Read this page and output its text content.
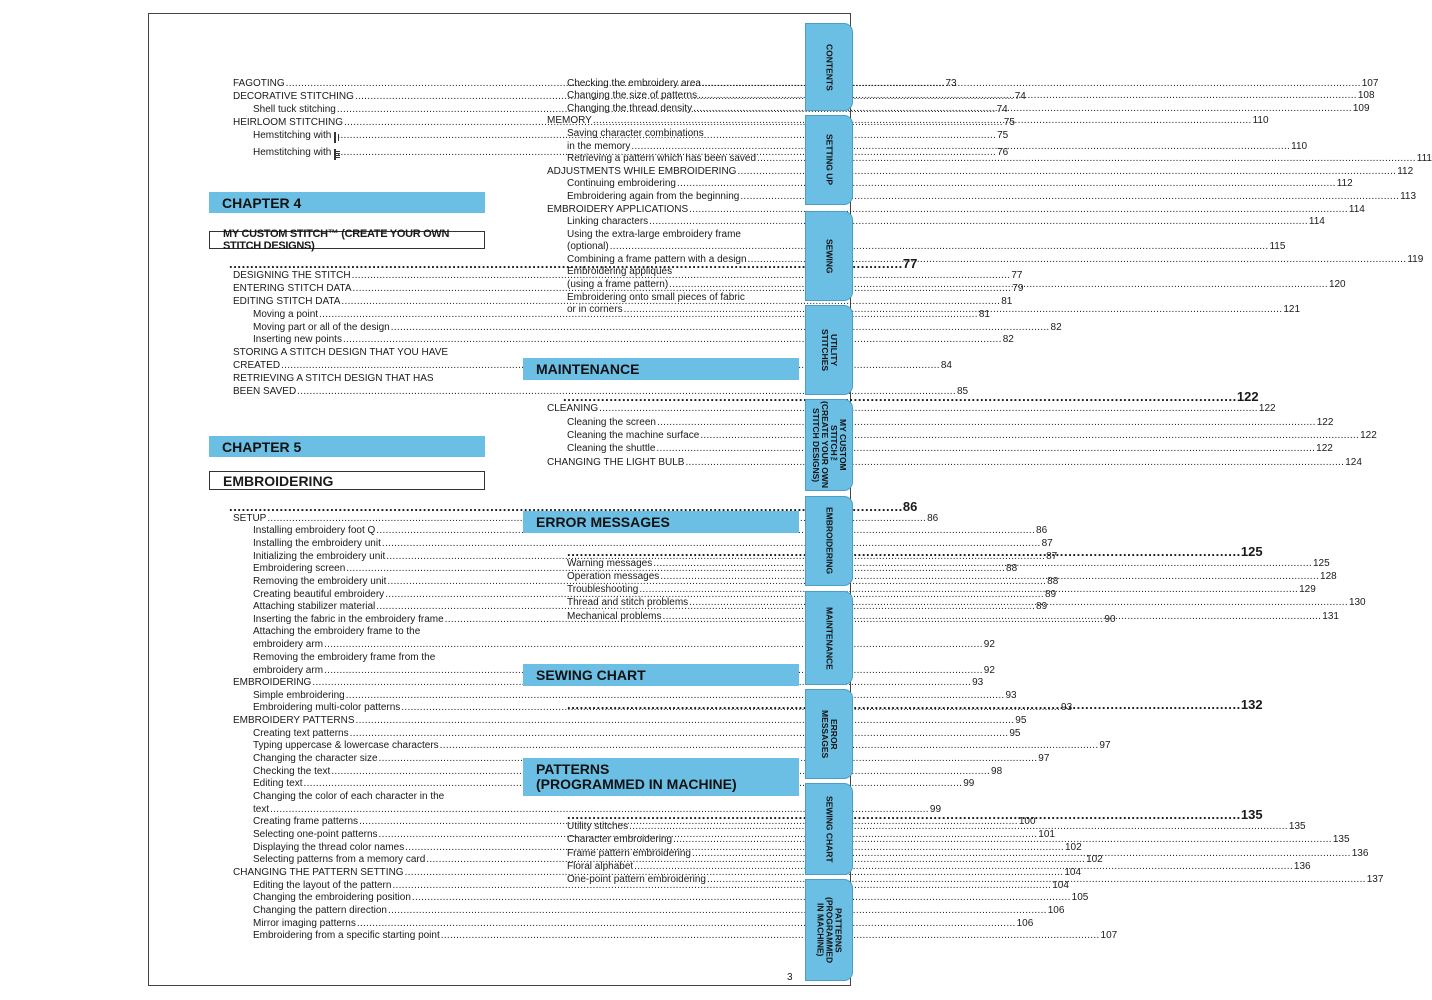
FAGOTING .....	73
DECORATIVE STITCHING .....	74
Shell tuck stitching .....	74
HEIRLOOM STITCHING .....	75
Hemstitching with .....	75
Hemstitching with .....	76
CHAPTER 4
MY CUSTOM STITCH™ (CREATE YOUR OWN STITCH DESIGNS)
.....
77
DESIGNING THE STITCH .....	77
ENTERING STITCH DATA .....	79
EDITING STITCH DATA .....	81
Moving a point .....	81
Moving part or all of the design .....	82
Inserting new points .....	82
STORING A STITCH DESIGN THAT YOU HAVE
CREATED .....	84
RETRIEVING A STITCH DESIGN THAT HAS
BEEN SAVED .....	85
CHAPTER 5
EMBROIDERING
.....
86
SETUP .....	86
Installing embroidery foot Q .....	86
Installing the embroidery unit .....	87
Initializing the embroidery unit .....	87
Embroidering screen .....	88
Removing the embroidery unit .....	88
Creating beautiful embroidery .....	89
Attaching stabilizer material .....	89
Inserting the fabric in the embroidery frame .....	90
Attaching the embroidery frame to the
embroidery arm .....	92
Removing the embroidery frame from the
embroidery arm .....	92
EMBROIDERING .....	93
Simple embroidering .....	93
Embroidering multi-color patterns .....	93
EMBROIDERY PATTERNS .....	95
Creating text patterns .....	95
Typing uppercase & lowercase characters .....	97
Changing the character size .....	97
Checking the text .....	98
Editing text .....	99
Changing the color of each character in the
text .....	99
Creating frame patterns .....	100
Selecting one-point patterns .....	101
Displaying the thread color names .....	102
Selecting patterns from a memory card .....	102
CHANGING THE PATTERN SETTING .....	104
Editing the layout of the pattern .....	104
Changing the embroidering position .....	105
Changing the pattern direction .....	106
Mirror imaging patterns .....	106
Embroidering from a specific starting point .....	107
Checking the embroidery area .....	107
Changing the size of patterns .....	108
Changing the thread density .....	109
MEMORY .....	110
Saving character combinations
in the memory .....	110
Retrieving a pattern which has been saved .....	111
ADJUSTMENTS WHILE EMBROIDERING .....	112
Continuing embroidering .....	112
Embroidering again from the beginning .....	113
EMBROIDERY APPLICATIONS .....	114
Linking characters .....	114
Using the extra-large embroidery frame
(optional) .....	115
Combining a frame pattern with a design .....	119
Embroidering appliqués
(using a frame pattern) .....	120
Embroidering onto small pieces of fabric
or in corners .....	121
MAINTENANCE
.....
122
CLEANING .....	122
Cleaning the screen .....	122
Cleaning the machine surface .....	122
Cleaning the shuttle .....	122
CHANGING THE LIGHT BULB .....	124
ERROR MESSAGES
.....
125
Warning messages .....	125
Operation messages .....	128
Troubleshooting .....	129
Thread and stitch problems .....	130
Mechanical problems .....	131
SEWING CHART
.....
132
PATTERNS
(PROGRAMMED IN MACHINE)
.....
135
Utility stitches .....	135
Character embroidering .....	135
Frame pattern embroidering .....	136
Floral alphabet .....	136
One-point pattern embroidering .....	137
CONTENTS
SETTING UP
SEWING
UTILITY
STITCHES
MY CUSTOM
STITCH™
(CREATE YOUR OWN
STITCH DESIGNS)
EMBROIDERING
MAINTENANCE
ERROR
MESSAGES
SEWING CHART
PATTERNS
(PROGRAMMED
IN MACHINE)
3
